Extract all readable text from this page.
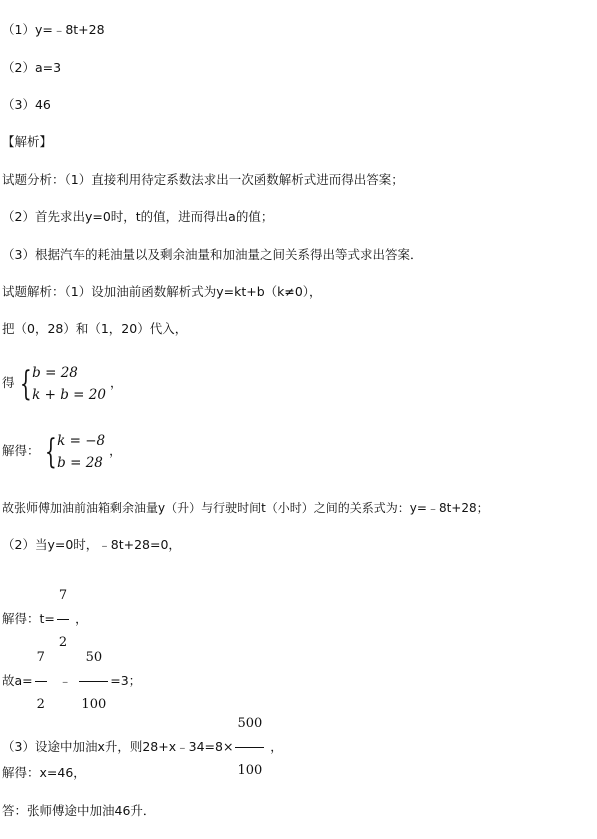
（1）y=﹣8t+28
（2）a=3
（3）46
【解析】
试题分析：（1）直接利用待定系数法求出一次函数解析式进而得出答案；
（2）首先求出y=0时，t的值，进而得出a的值；
（3）根据汽车的耗油量以及剩余油量和加油量之间关系得出等式求出答案．
试题解析：（1）设加油前函数解析式为y=kt+b（k≠0），
把（0，28）和（1，20）代入，
得 { b = 28
k + b = 20
，
解得： { k = −8
b = 28
，
故张师傅加油前油箱剩余油量y（升）与行驶时间t（小时）之间的关系式为：y=﹣8t+28；
（2）当y=0时，﹣8t+28=0，
解得：$t= \frac{7}{2}$ ，
故$a= \frac{7}{2}$ ﹣ $\frac{50}{100} =3$；
（3）设途中加油x升，则28+x﹣34=8× $\frac{500}{100}$ ，
解得：x=46，
答：张师傅途中加油46升．
